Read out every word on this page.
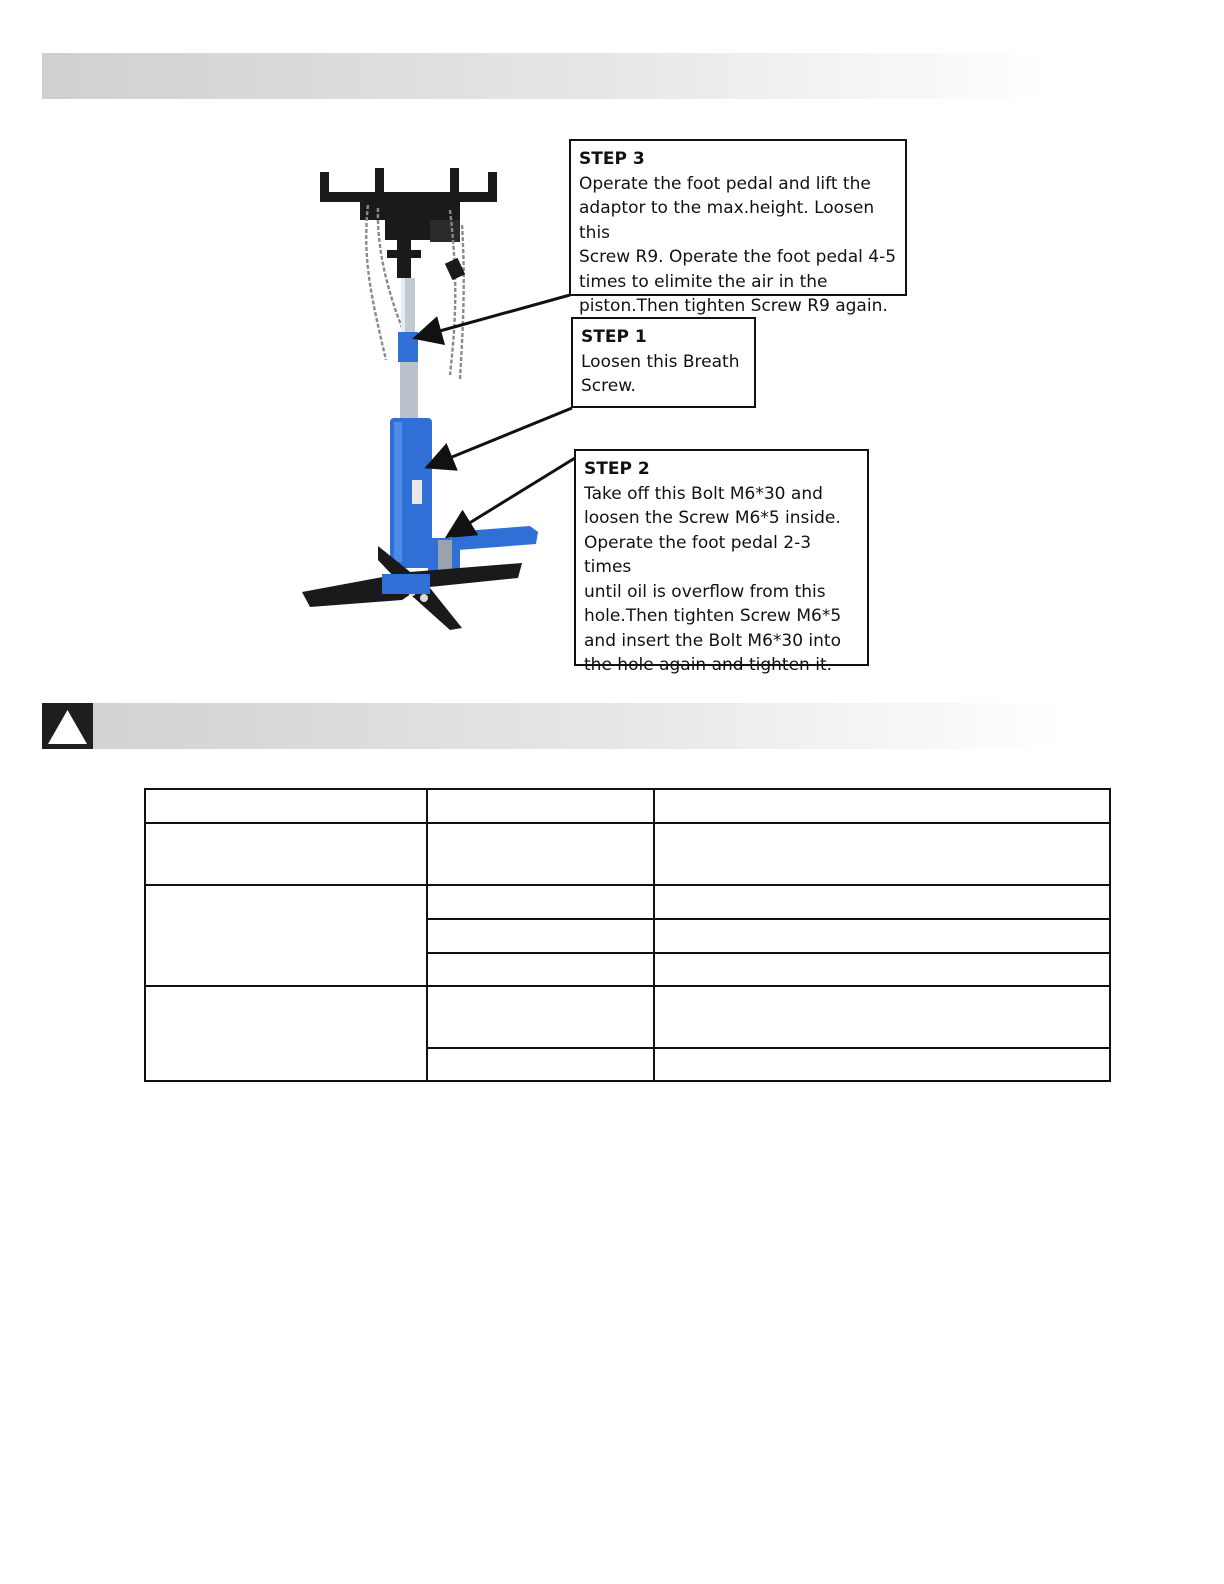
STEP 3
Operate the foot pedal and lift the
adaptor to the max.height. Loosen this
Screw R9. Operate the foot pedal 4-5
times to elimite the air in the
piston.Then tighten Screw R9 again.
STEP 1
Loosen this Breath
Screw.
STEP 2
Take off this Bolt M6*30 and
loosen the Screw M6*5 inside.
Operate the foot pedal 2-3 times
until oil is overflow from this
hole.Then tighten Screw M6*5
and insert the Bolt M6*30 into
the hole again and tighten it.
